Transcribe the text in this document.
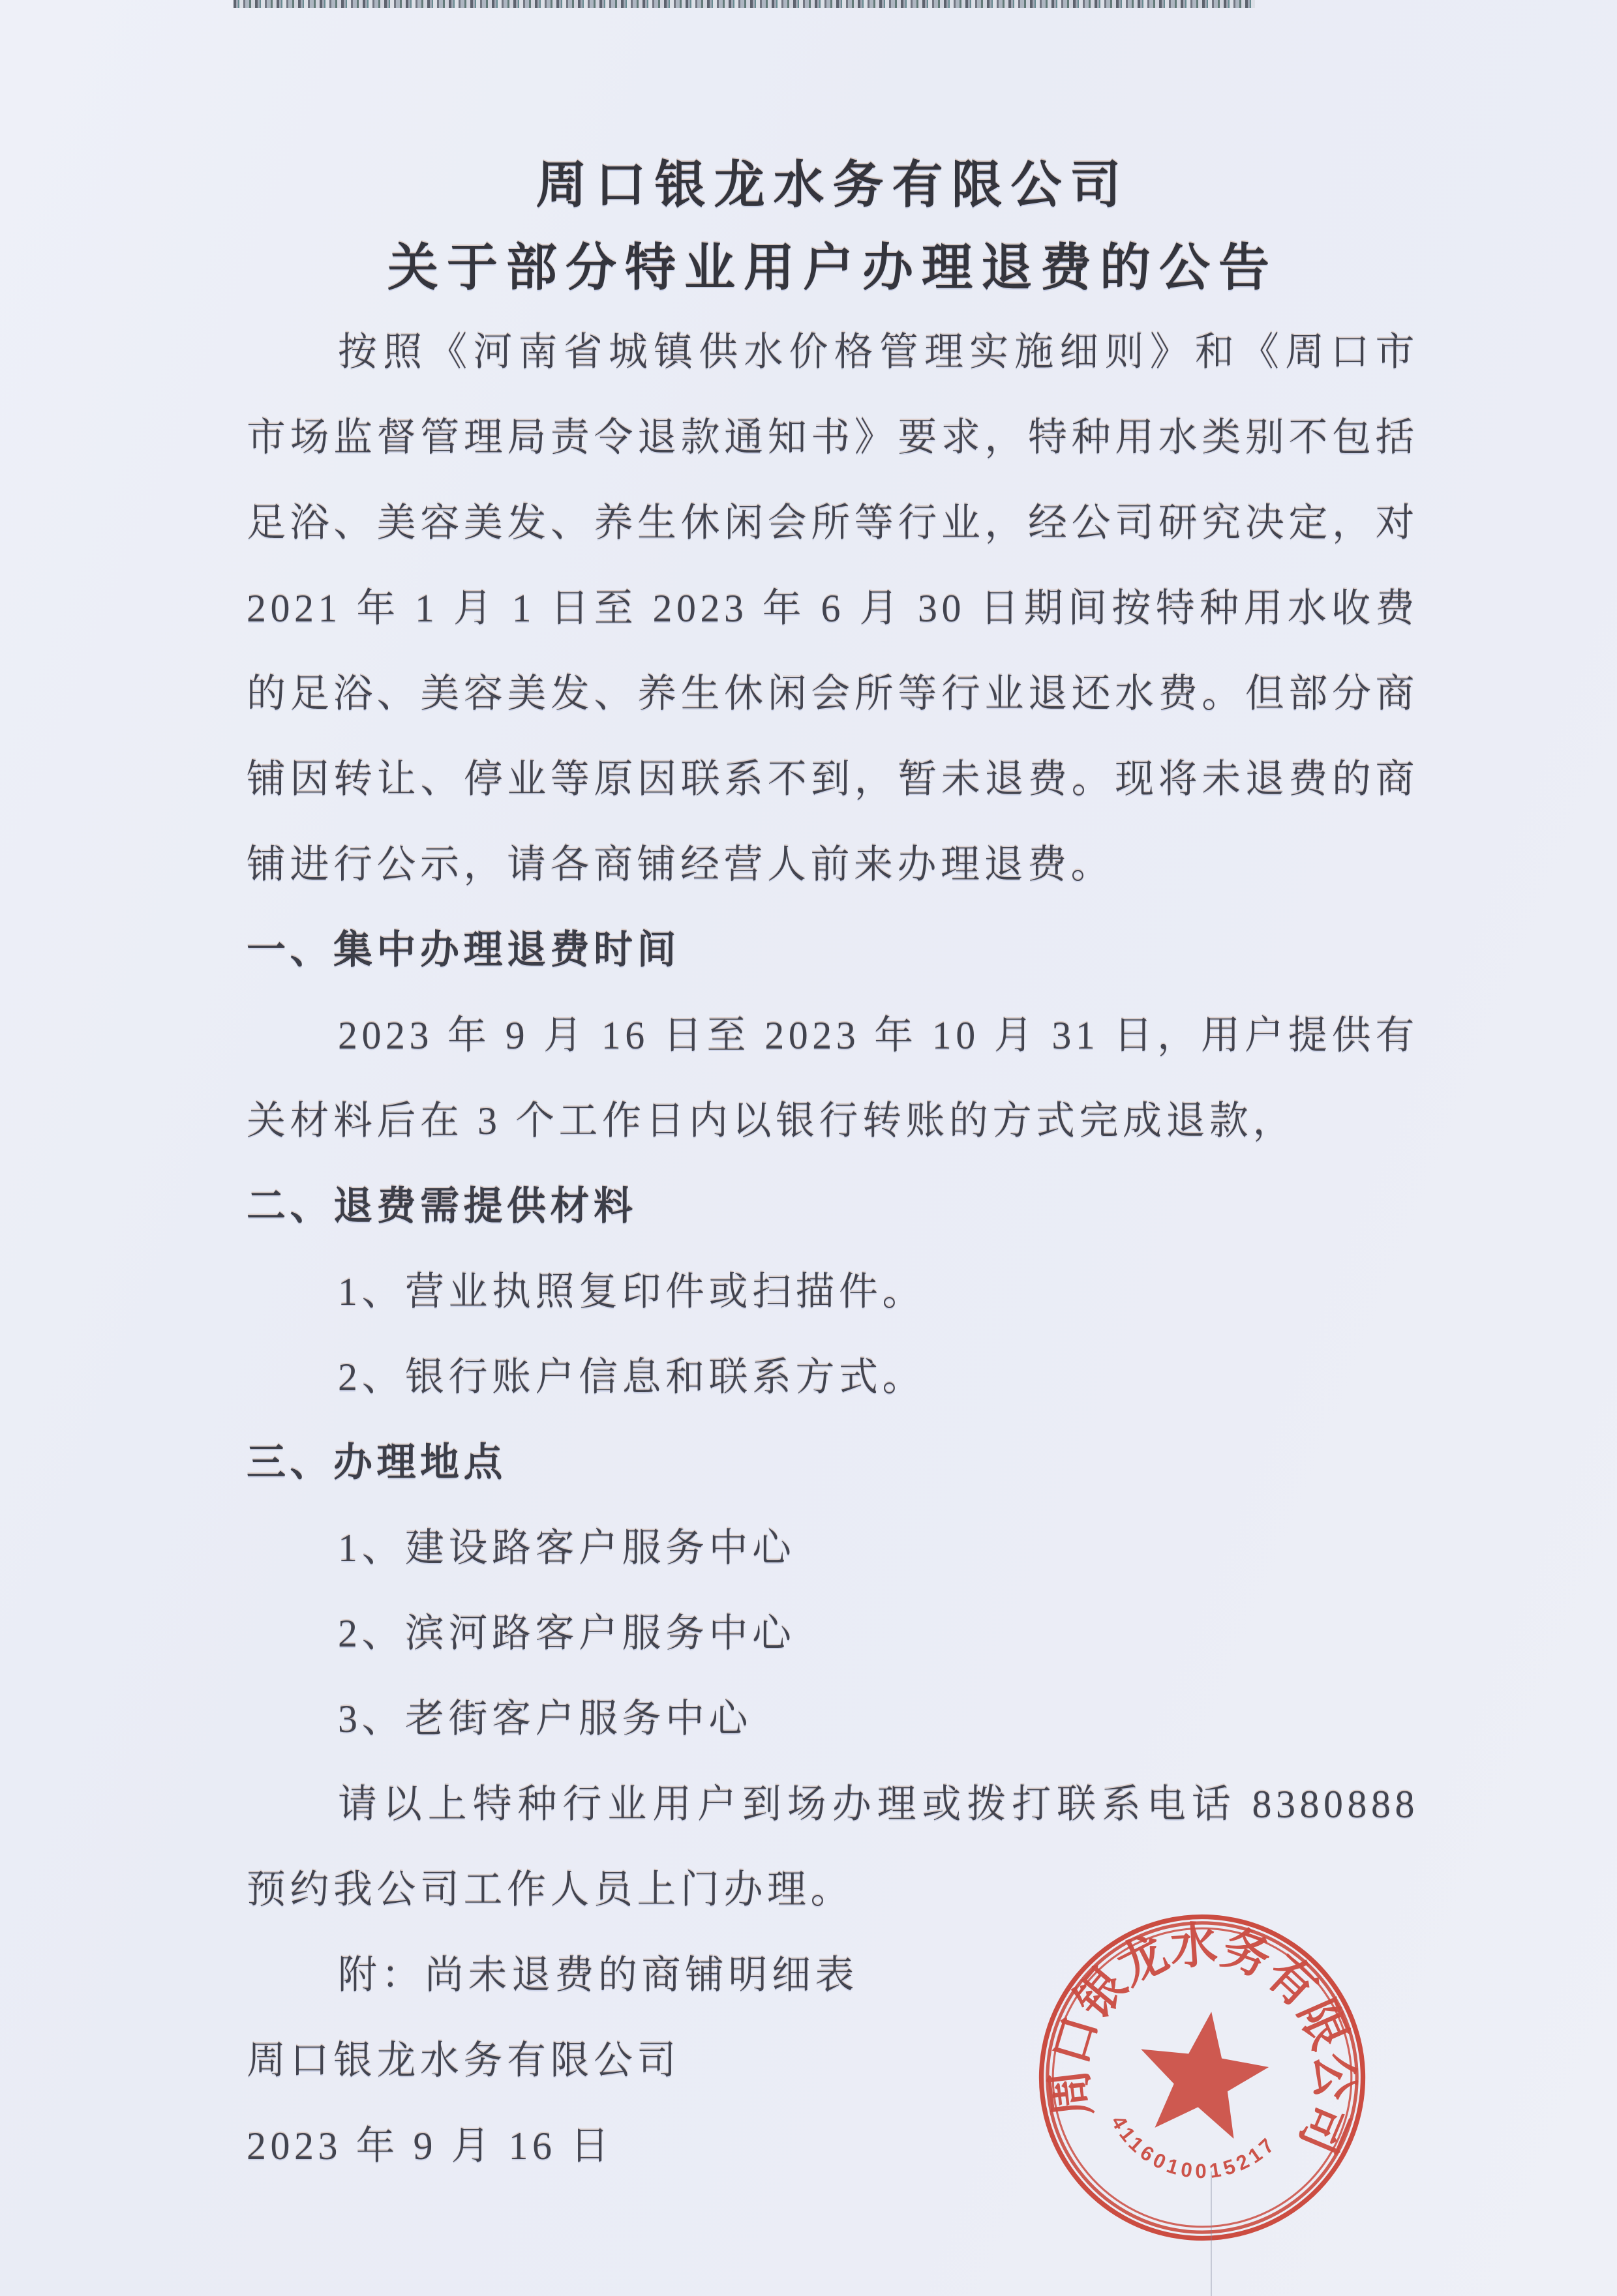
周口银龙水务有限公司
关于部分特业用户办理退费的公告

按照《河南省城镇供水价格管理实施细则》和《周口市市场监督管理局责令退款通知书》要求，特种用水类别不包括足浴、美容美发、养生休闲会所等行业，经公司研究决定，对 2021 年 1 月 1 日至 2023 年 6 月 30 日期间按特种用水收费的足浴、美容美发、养生休闲会所等行业退还水费。但部分商铺因转让、停业等原因联系不到，暂未退费。现将未退费的商铺进行公示，请各商铺经营人前来办理退费。

一、集中办理退费时间

2023 年 9 月 16 日至 2023 年 10 月 31 日，用户提供有关材料后在 3 个工作日内以银行转账的方式完成退款，

二、退费需提供材料

1、营业执照复印件或扫描件。

2、银行账户信息和联系方式。

三、办理地点

1、建设路客户服务中心

2、滨河路客户服务中心

3、老街客户服务中心

请以上特种行业用户到场办理或拨打联系电话 8380888 预约我公司工作人员上门办理。

附：尚未退费的商铺明细表

周口银龙水务有限公司

2023 年 9 月 16 日

周口银龙水务有限公司
4116010015217
